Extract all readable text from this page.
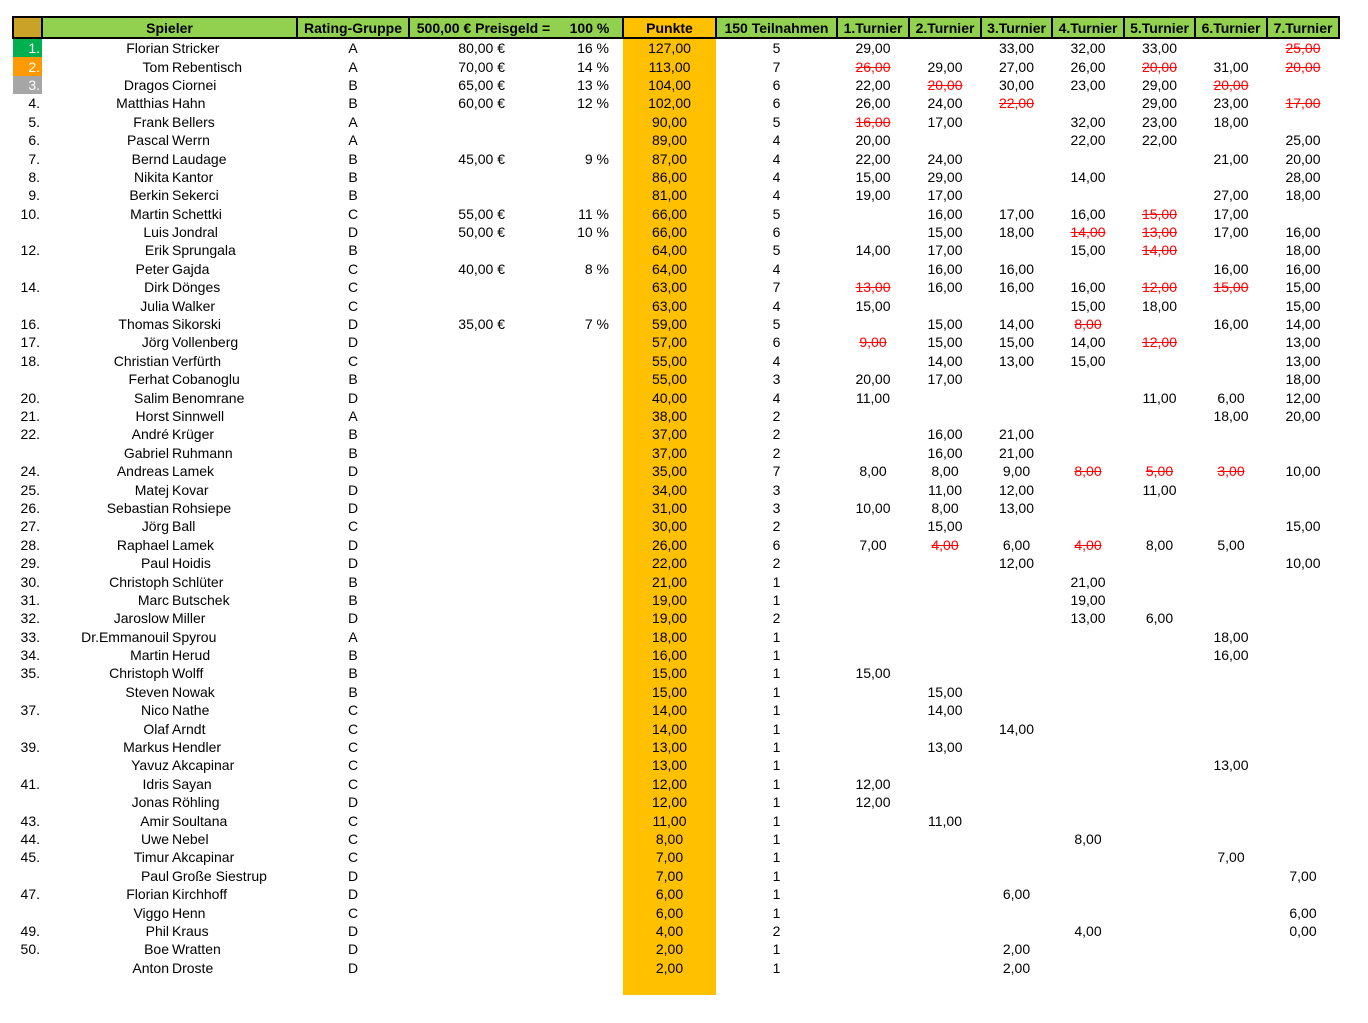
	Spieler		Rating-Gruppe	500,00 € Preisgeld =	100 %	Punkte	150 Teilnahmen	1.Turnier	2.Turnier	3.Turnier	4.Turnier	5.Turnier	6.Turnier	7.Turnier
1.	Florian	Stricker	A	80,00 €	16 %	127,00	5	29,00		33,00	32,00	33,00		25,00
2.	Tom	Rebentisch	A	70,00 €	14 %	113,00	7	26,00	29,00	27,00	26,00	20,00	31,00	20,00
3.	Dragos	Ciornei	B	65,00 €	13 %	104,00	6	22,00	20,00	30,00	23,00	29,00	20,00	
4.	Matthias	Hahn	B	60,00 €	12 %	102,00	6	26,00	24,00	22,00		29,00	23,00	17,00
5.	Frank	Bellers	A			90,00	5	16,00	17,00		32,00	23,00	18,00	
6.	Pascal	Werrn	A			89,00	4	20,00			22,00	22,00		25,00
7.	Bernd	Laudage	B	45,00 €	9 %	87,00	4	22,00	24,00				21,00	20,00
8.	Nikita	Kantor	B			86,00	4	15,00	29,00		14,00			28,00
9.	Berkin	Sekerci	B			81,00	4	19,00	17,00				27,00	18,00
10.	Martin	Schettki	C	55,00 €	11 %	66,00	5		16,00	17,00	16,00	15,00	17,00	
	Luis	Jondral	D	50,00 €	10 %	66,00	6		15,00	18,00	14,00	13,00	17,00	16,00
12.	Erik	Sprungala	B			64,00	5	14,00	17,00		15,00	14,00		18,00
	Peter	Gajda	C	40,00 €	8 %	64,00	4		16,00	16,00			16,00	16,00
14.	Dirk	Dönges	C			63,00	7	13,00	16,00	16,00	16,00	12,00	15,00	15,00
	Julia	Walker	C			63,00	4	15,00			15,00	18,00		15,00
16.	Thomas	Sikorski	D	35,00 €	7 %	59,00	5		15,00	14,00	8,00		16,00	14,00
17.	Jörg	Vollenberg	D			57,00	6	9,00	15,00	15,00	14,00	12,00		13,00
18.	Christian	Verfürth	C			55,00	4		14,00	13,00	15,00			13,00
	Ferhat	Cobanoglu	B			55,00	3	20,00	17,00					18,00
20.	Salim	Benomrane	D			40,00	4	11,00				11,00	6,00	12,00
21.	Horst	Sinnwell	A			38,00	2						18,00	20,00
22.	André	Krüger	B			37,00	2		16,00	21,00				
	Gabriel	Ruhmann	B			37,00	2		16,00	21,00				
24.	Andreas	Lamek	D			35,00	7	8,00	8,00	9,00	8,00	5,00	3,00	10,00
25.	Matej	Kovar	D			34,00	3		11,00	12,00		11,00		
26.	Sebastian	Rohsiepe	D			31,00	3	10,00	8,00	13,00				
27.	Jörg	Ball	C			30,00	2		15,00					15,00
28.	Raphael	Lamek	D			26,00	6	7,00	4,00	6,00	4,00	8,00	5,00	
29.	Paul	Hoidis	D			22,00	2			12,00				10,00
30.	Christoph	Schlüter	B			21,00	1				21,00			
31.	Marc	Butschek	B			19,00	1				19,00			
32.	Jaroslow	Miller	D			19,00	2				13,00	6,00		
33.	Dr.Emmanouil	Spyrou	A			18,00	1						18,00	
34.	Martin	Herud	B			16,00	1						16,00	
35.	Christoph	Wolff	B			15,00	1	15,00						
	Steven	Nowak	B			15,00	1		15,00					
37.	Nico	Nathe	C			14,00	1		14,00					
	Olaf	Arndt	C			14,00	1			14,00				
39.	Markus	Hendler	C			13,00	1		13,00					
	Yavuz	Akcapinar	C			13,00	1						13,00	
41.	Idris	Sayan	C			12,00	1	12,00						
	Jonas	Röhling	D			12,00	1	12,00						
43.	Amir	Soultana	C			11,00	1		11,00					
44.	Uwe	Nebel	C			8,00	1				8,00			
45.	Timur	Akcapinar	C			7,00	1						7,00	
	Paul	Große Siestrup	D			7,00	1							7,00
47.	Florian	Kirchhoff	D			6,00	1			6,00				
	Viggo	Henn	C			6,00	1							6,00
49.	Phil	Kraus	D			4,00	2				4,00			0,00
50.	Boe	Wratten	D			2,00	1			2,00				
	Anton	Droste	D			2,00	1			2,00				
